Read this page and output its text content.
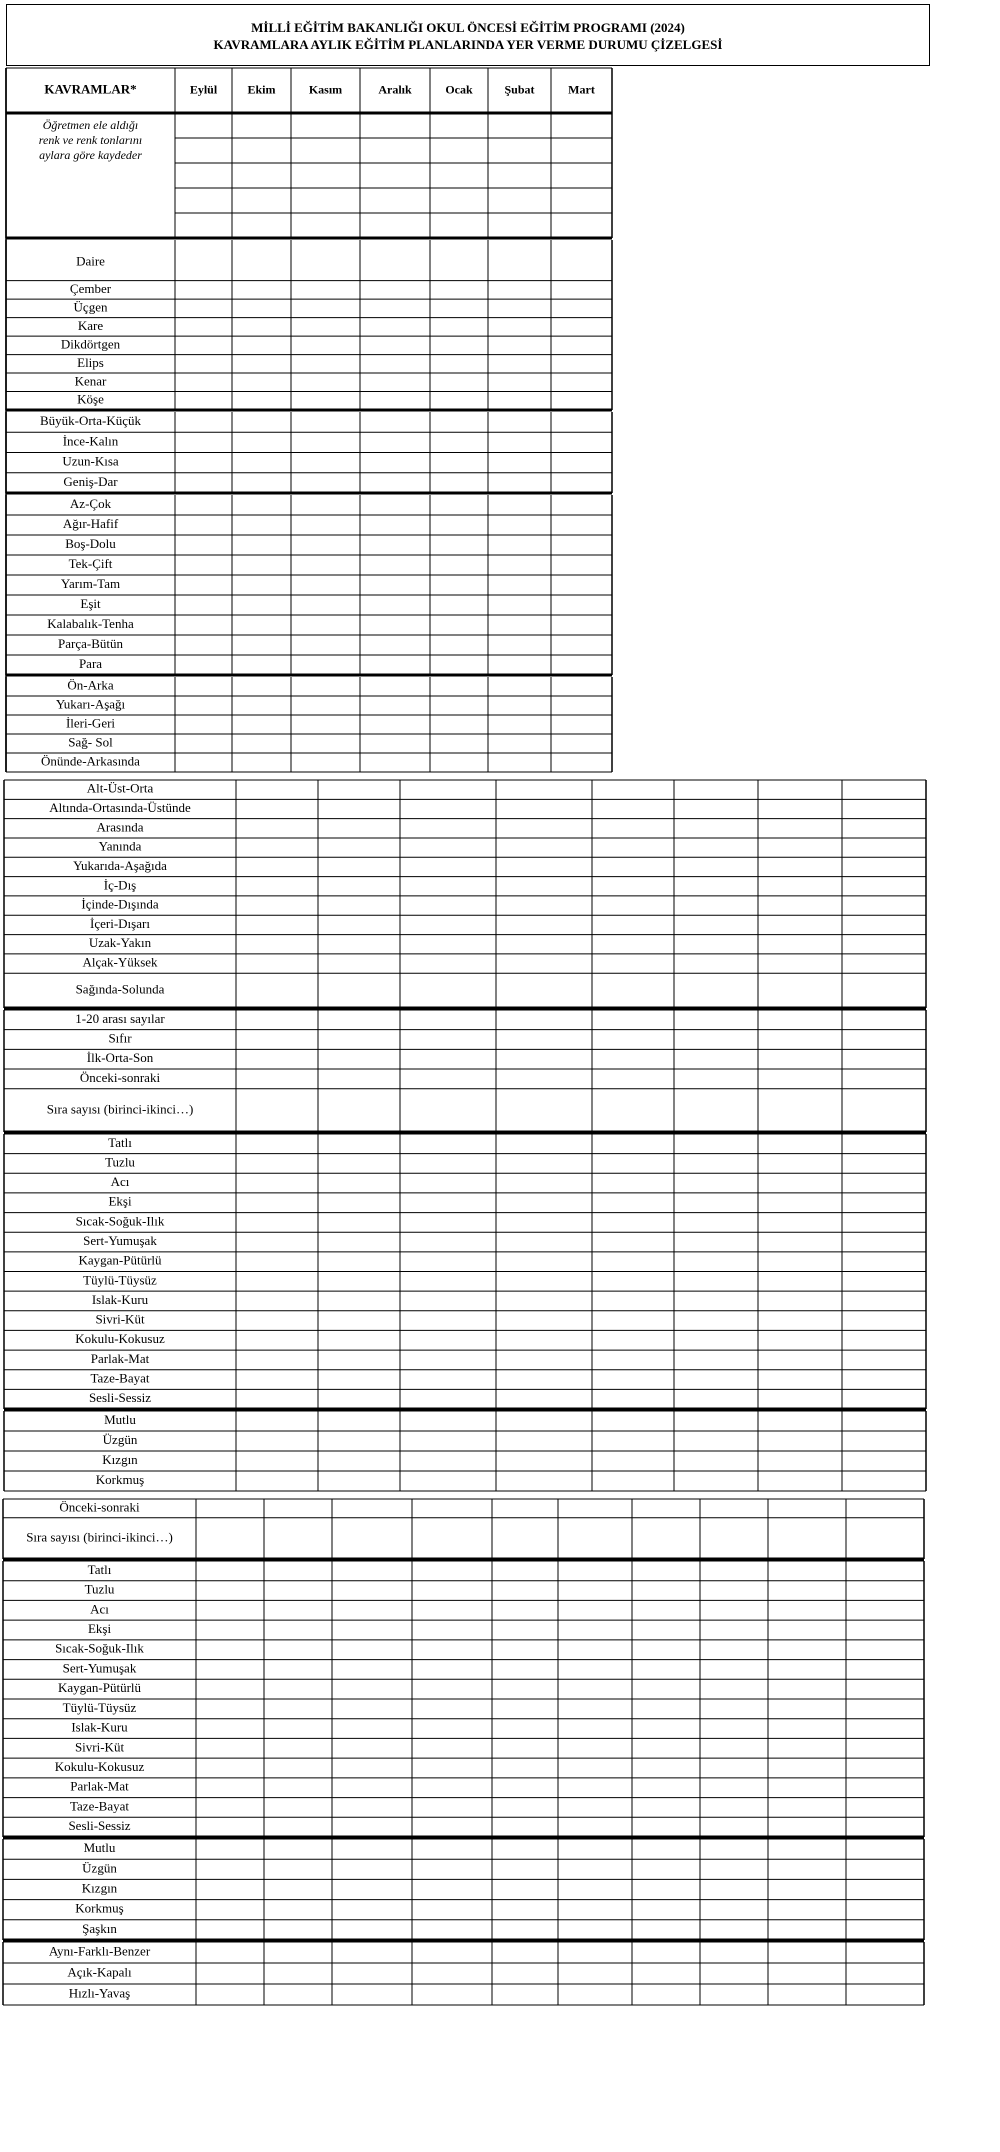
MİLLİ EĞİTİM BAKANLIĞI OKUL ÖNCESİ EĞİTİM PROGRAMI (2024)
KAVRAMLARA AYLIK EĞİTİM PLANLARINDA YER VERME DURUMU ÇİZELGESİ
KAVRAMLAR*	Eylül	Ekim	Kasım	Aralık	Ocak	Şubat	Mart
Öğretmen ele aldığı renk ve renk tonlarını aylara göre kaydeder
Daire
Çember
Üçgen
Kare
Dikdörtgen
Elips
Kenar
Köşe
Büyük-Orta-Küçük
İnce-Kalın
Uzun-Kısa
Geniş-Dar
Az-Çok
Ağır-Hafif
Boş-Dolu
Tek-Çift
Yarım-Tam
Eşit
Kalabalık-Tenha
Parça-Bütün
Para
Ön-Arka
Yukarı-Aşağı
İleri-Geri
Sağ- Sol
Önünde-Arkasında
Alt-Üst-Orta
Altında-Ortasında-Üstünde
Arasında
Yanında
Yukarıda-Aşağıda
İç-Dış
İçinde-Dışında
İçeri-Dışarı
Uzak-Yakın
Alçak-Yüksek
Sağında-Solunda
1-20 arası sayılar
Sıfır
İlk-Orta-Son
Önceki-sonraki
Sıra sayısı (birinci-ikinci…)
Tatlı
Tuzlu
Acı
Ekşi
Sıcak-Soğuk-Ilık
Sert-Yumuşak
Kaygan-Pütürlü
Tüylü-Tüysüz
Islak-Kuru
Sivri-Küt
Kokulu-Kokusuz
Parlak-Mat
Taze-Bayat
Sesli-Sessiz
Mutlu
Üzgün
Kızgın
Korkmuş
Önceki-sonraki
Sıra sayısı (birinci-ikinci…)
Tatlı
Tuzlu
Acı
Ekşi
Sıcak-Soğuk-Ilık
Sert-Yumuşak
Kaygan-Pütürlü
Tüylü-Tüysüz
Islak-Kuru
Sivri-Küt
Kokulu-Kokusuz
Parlak-Mat
Taze-Bayat
Sesli-Sessiz
Mutlu
Üzgün
Kızgın
Korkmuş
Şaşkın
Aynı-Farklı-Benzer
Açık-Kapalı
Hızlı-Yavaş
